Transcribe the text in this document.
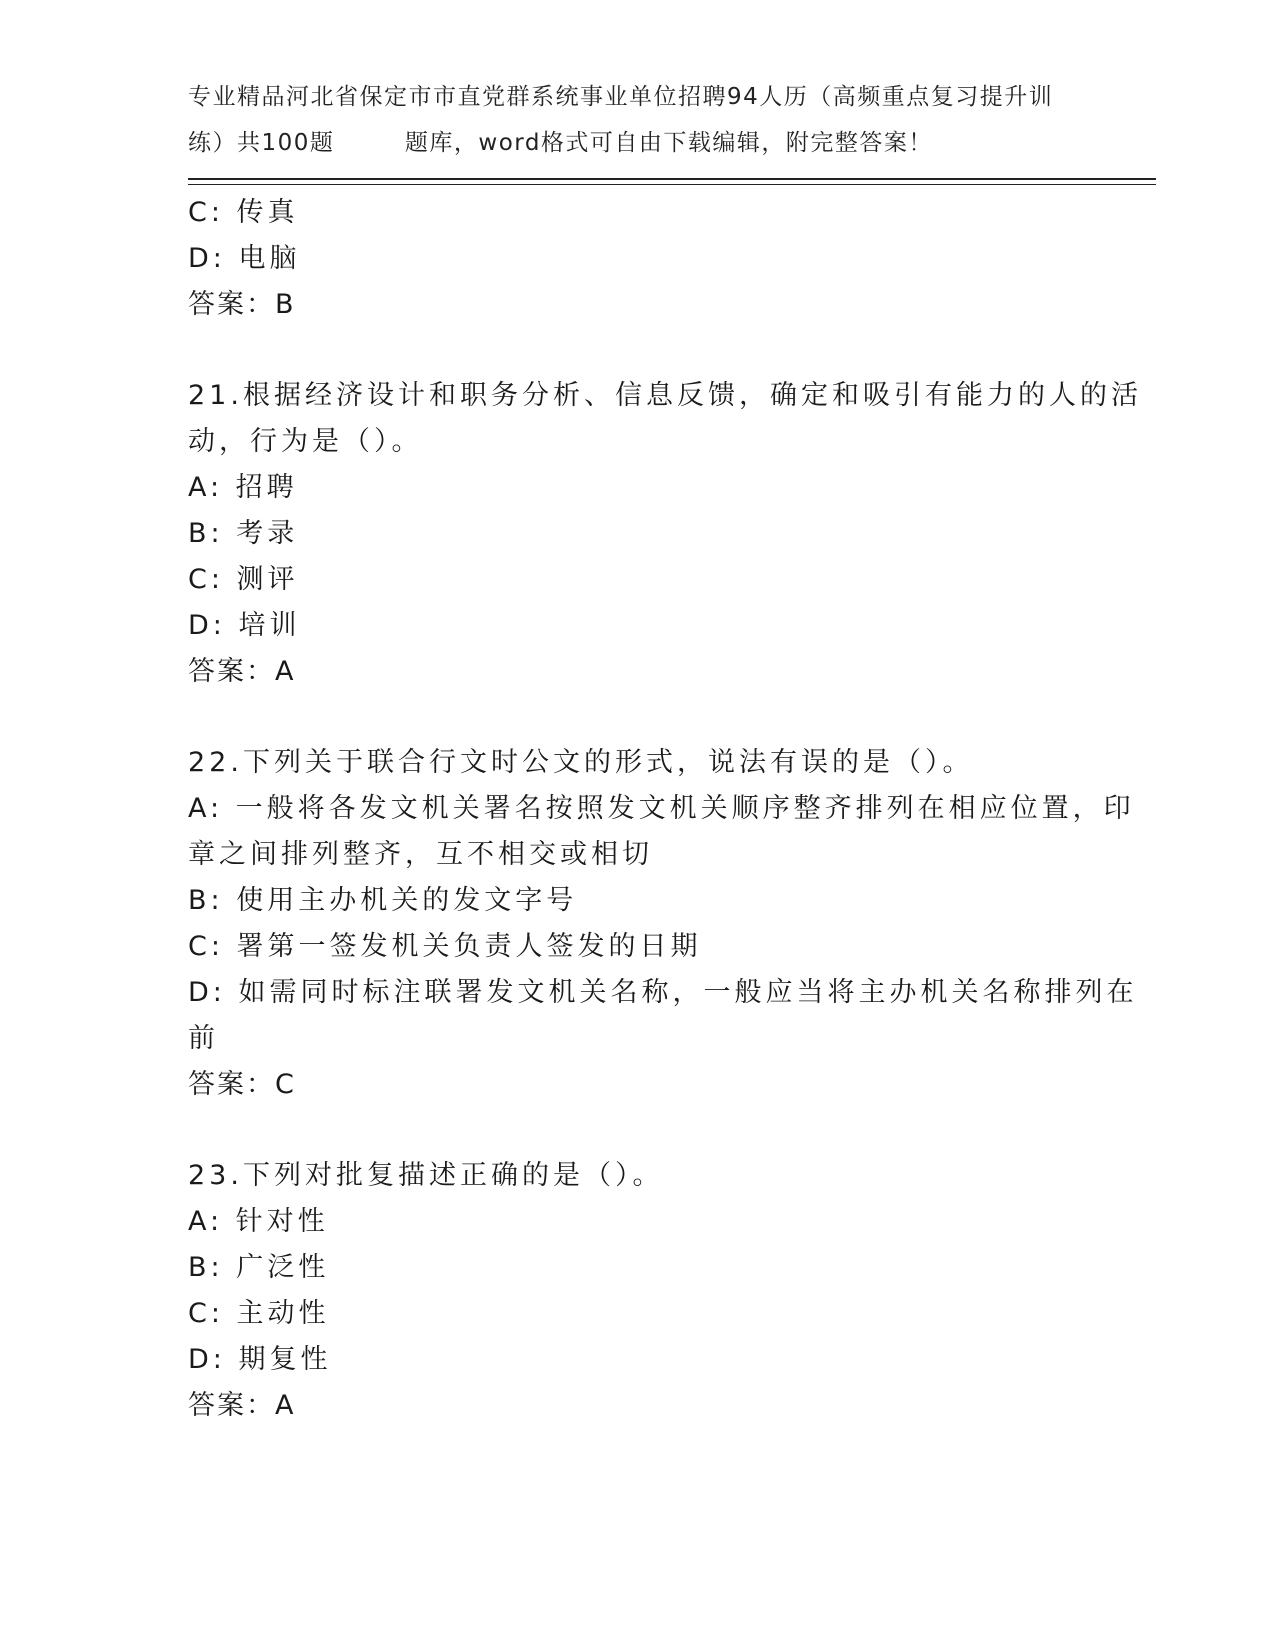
专业精品河北省保定市市直党群系统事业单位招聘94人历（高频重点复习提升训
练）共100题        题库，word格式可自由下载编辑，附完整答案！
C: 传真
D: 电脑
答案：B
21.根据经济设计和职务分析、信息反馈，确定和吸引有能力的人的活
动，行为是（）。
A: 招聘
B: 考录
C: 测评
D: 培训
答案：A
22.下列关于联合行文时公文的形式，说法有误的是（）。
A: 一般将各发文机关署名按照发文机关顺序整齐排列在相应位置，印
章之间排列整齐，互不相交或相切
B: 使用主办机关的发文字号
C: 署第一签发机关负责人签发的日期
D: 如需同时标注联署发文机关名称，一般应当将主办机关名称排列在
前
答案：C
23.下列对批复描述正确的是（）。
A: 针对性
B: 广泛性
C: 主动性
D: 期复性
答案：A
